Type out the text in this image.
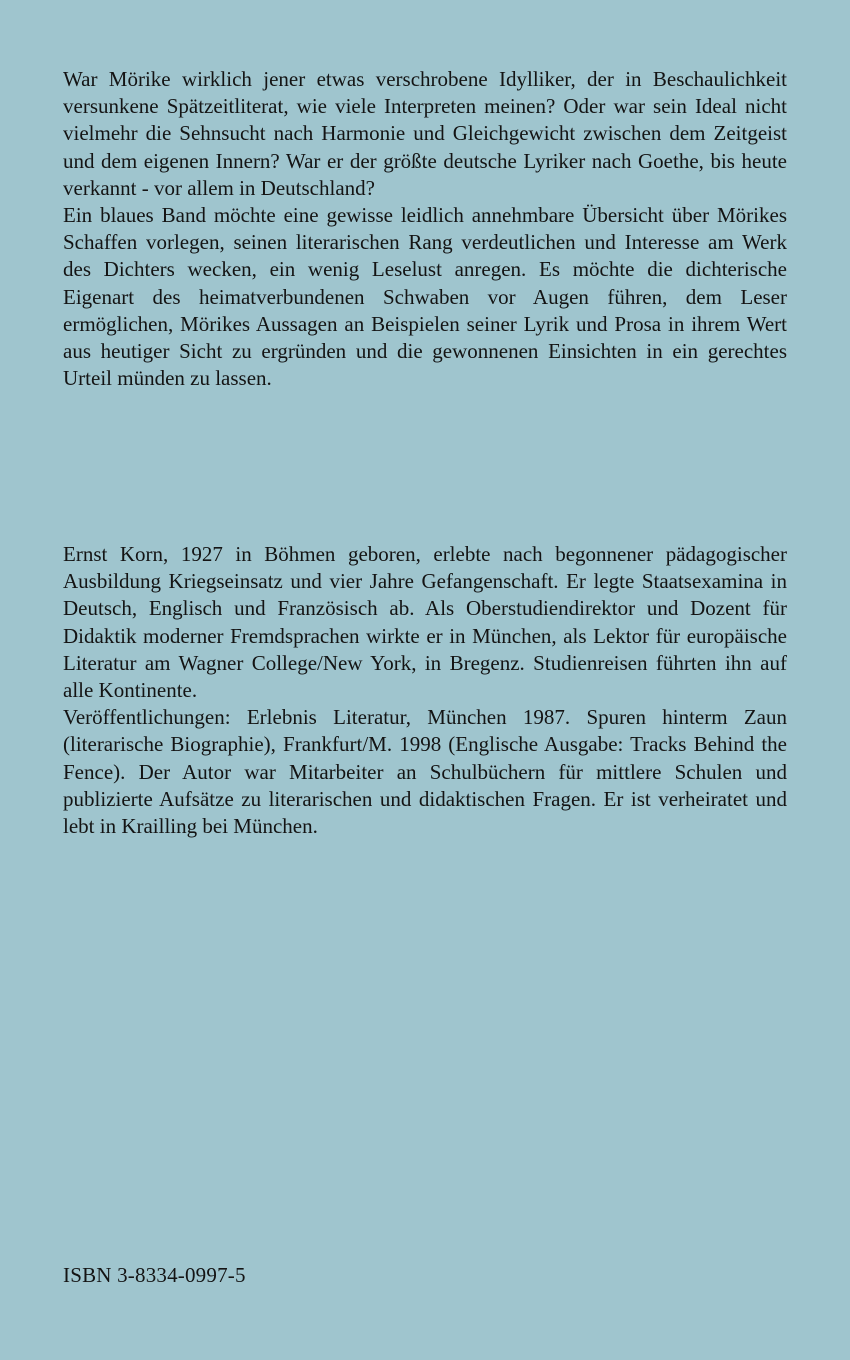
War Mörike wirklich jener etwas verschrobene Idylliker, der in Beschaulichkeit versunkene Spätzeitliterat, wie viele Interpreten meinen? Oder war sein Ideal nicht vielmehr die Sehnsucht nach Harmonie und Gleichgewicht zwischen dem Zeitgeist und dem eigenen Innern? War er der größte deutsche Lyriker nach Goethe, bis heute verkannt - vor allem in Deutschland?

Ein blaues Band möchte eine gewisse leidlich annehmbare Übersicht über Mörikes Schaffen vorlegen, seinen literarischen Rang verdeutlichen und Interesse am Werk des Dichters wecken, ein wenig Leselust anregen. Es möchte die dichterische Eigenart des heimatverbundenen Schwaben vor Augen führen, dem Leser ermöglichen, Mörikes Aussagen an Beispielen seiner Lyrik und Prosa in ihrem Wert aus heutiger Sicht zu ergründen und die gewonnenen Einsichten in ein gerechtes Urteil münden zu lassen.

Ernst Korn, 1927 in Böhmen geboren, erlebte nach begonnener pädagogischer Ausbildung Kriegseinsatz und vier Jahre Gefangenschaft. Er legte Staatsexamina in Deutsch, Englisch und Französisch ab. Als Oberstudiendirektor und Dozent für Didaktik moderner Fremdsprachen wirkte er in München, als Lektor für europäische Literatur am Wagner College/New York, in Bregenz. Studienreisen führten ihn auf alle Kontinente.

Veröffentlichungen: Erlebnis Literatur, München 1987. Spuren hinterm Zaun (literarische Biographie), Frankfurt/M. 1998 (Englische Ausgabe: Tracks Behind the Fence). Der Autor war Mitarbeiter an Schulbüchern für mittlere Schulen und publizierte Aufsätze zu literarischen und didaktischen Fragen. Er ist verheiratet und lebt in Krailling bei München.

ISBN 3-8334-0997-5
